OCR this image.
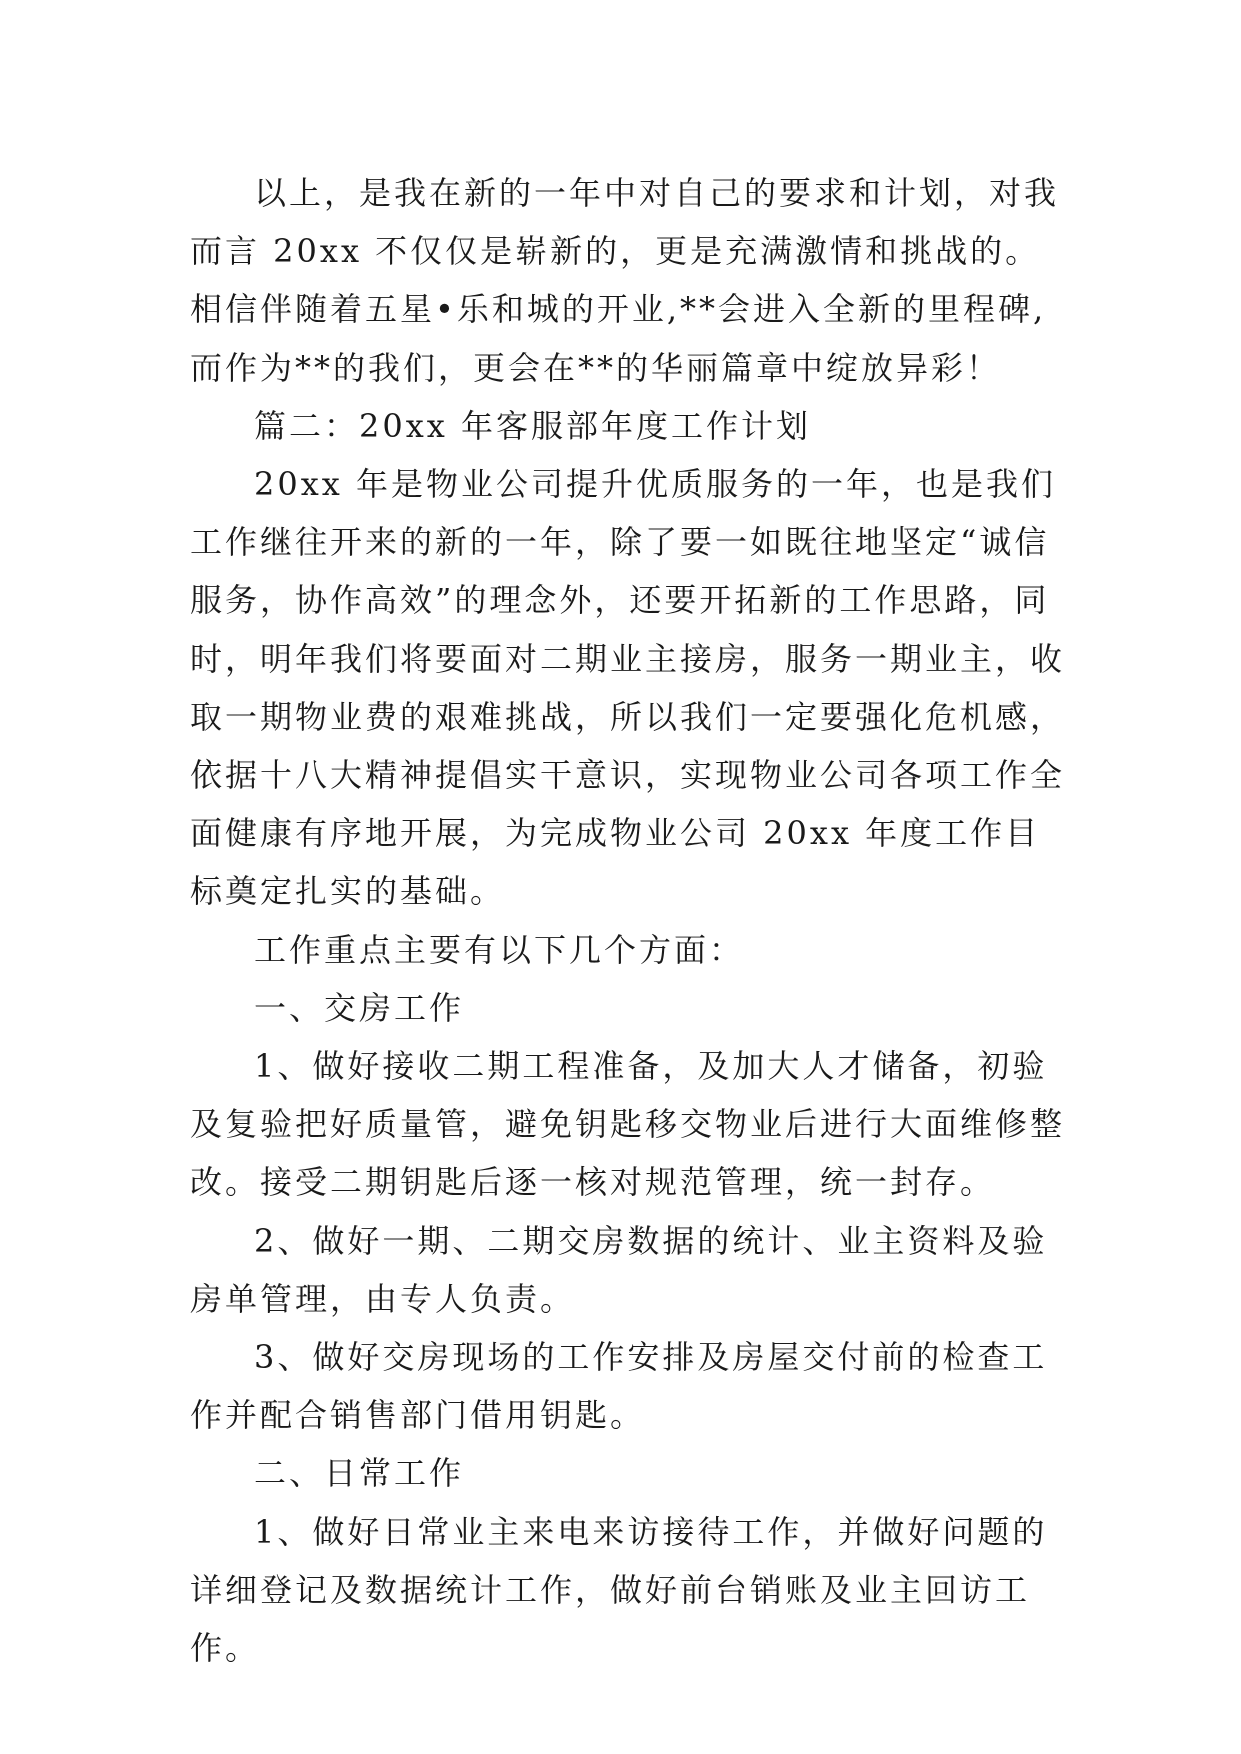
以上，是我在新的一年中对自己的要求和计划，对我而言 20xx 不仅仅是崭新的，更是充满激情和挑战的。相信伴随着五星•乐和城的开业,**会进入全新的里程碑,而作为**的我们，更会在**的华丽篇章中绽放异彩！

篇二：20xx 年客服部年度工作计划

20xx 年是物业公司提升优质服务的一年，也是我们工作继往开来的新的一年，除了要一如既往地坚定“诚信服务，协作高效”的理念外，还要开拓新的工作思路，同时，明年我们将要面对二期业主接房，服务一期业主，收取一期物业费的艰难挑战，所以我们一定要强化危机感，依据十八大精神提倡实干意识，实现物业公司各项工作全面健康有序地开展，为完成物业公司 20xx 年度工作目标奠定扎实的基础。

工作重点主要有以下几个方面：

一、交房工作

1、做好接收二期工程准备，及加大人才储备，初验及复验把好质量管，避免钥匙移交物业后进行大面维修整改。接受二期钥匙后逐一核对规范管理，统一封存。

2、做好一期、二期交房数据的统计、业主资料及验房单管理，由专人负责。

3、做好交房现场的工作安排及房屋交付前的检查工作并配合销售部门借用钥匙。

二、日常工作

1、做好日常业主来电来访接待工作，并做好问题的详细登记及数据统计工作，做好前台销账及业主回访工作。
